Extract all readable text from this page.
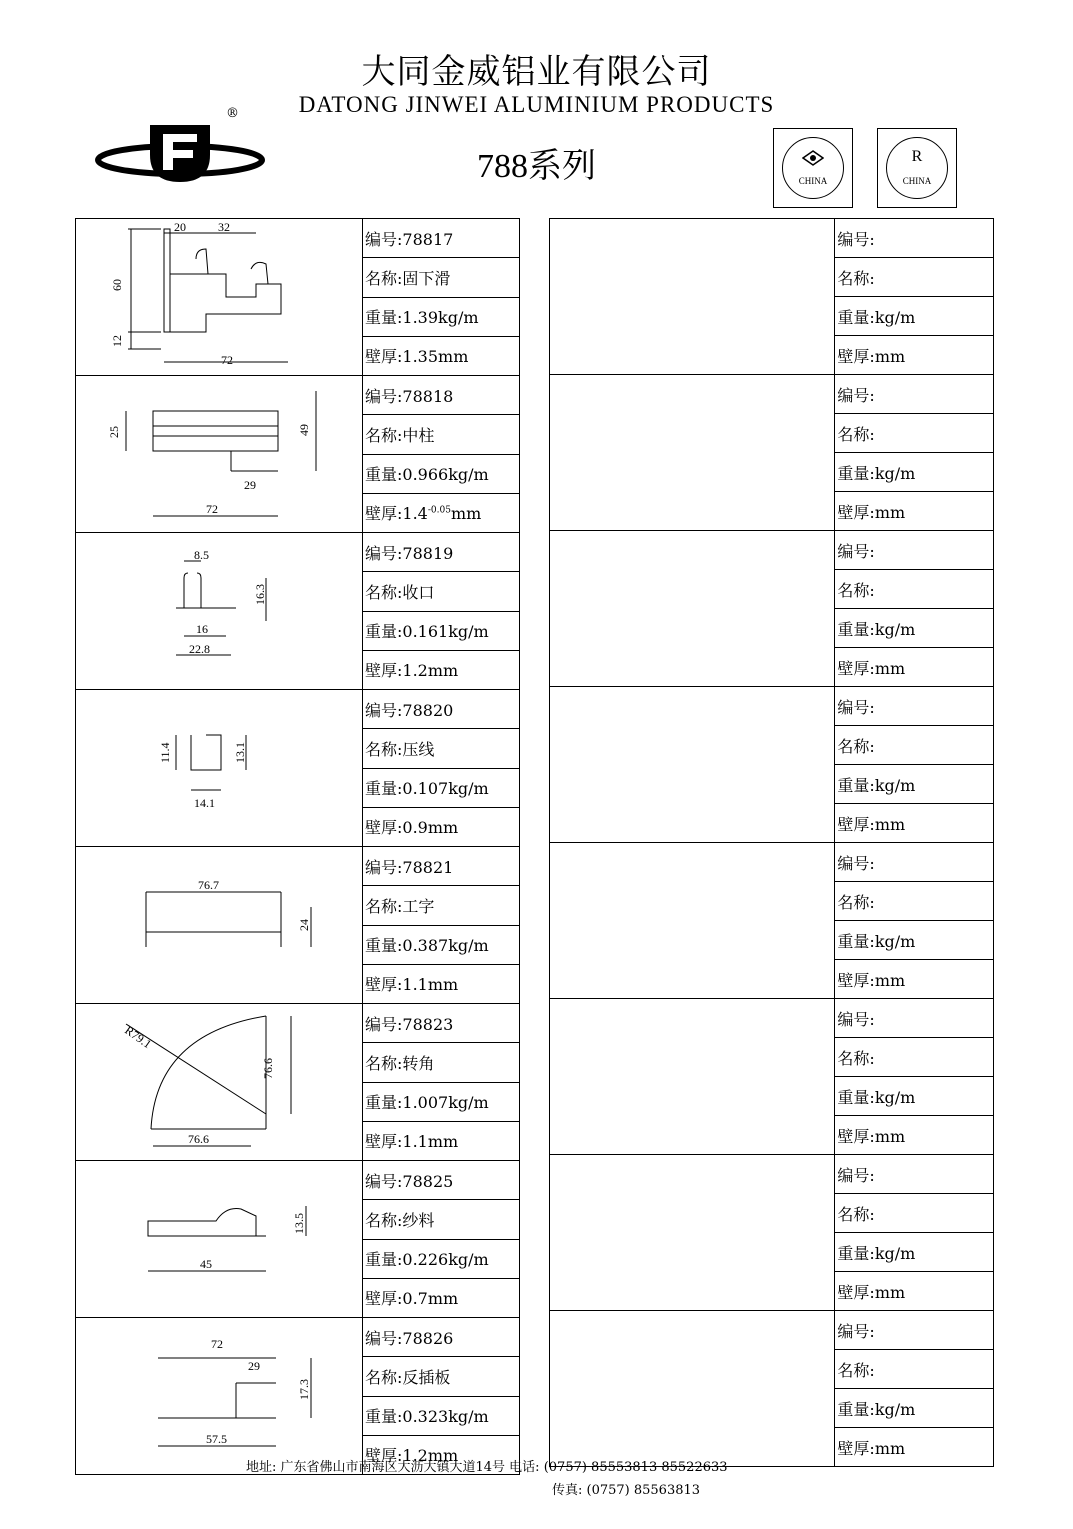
大同金威铝业有限公司
DATONG JINWEI ALUMINIUM PRODUCTS
788系列
®
CHINA
R
CHINA
20 32
60
12
72	编号:78817
	名称:固下滑
	重量:1.39kg/m
	壁厚:1.35mm

25 49
29
72	编号:78818
	名称:中柱
	重量:0.966kg/m
	壁厚$:1.4^{-0.05}mm$

8.5
16.3
16
22.8	编号:78819
	名称:收口
	重量:0.161kg/m
	壁厚:1.2mm

11.4 13.1
14.1	编号:78820
	名称:压线
	重量:0.107kg/m
	壁厚:0.9mm

76.7
24	编号:78821
	名称:工字
	重量:0.387kg/m
	壁厚:1.1mm

R79.1
76.6
76.6	编号:78823
	名称:转角
	重量:1.007kg/m
	壁厚:1.1mm

13.5
45	编号:78825
	名称:纱料
	重量:0.226kg/m
	壁厚:0.7mm

72
29
17.3
57.5	编号:78826
	名称:反插板
	重量:0.323kg/m
	壁厚:1.2mm
	编号:
	名称:
	重量:kg/m
	壁厚:mm
	编号:
	名称:
	重量:kg/m
	壁厚:mm
	编号:
	名称:
	重量:kg/m
	壁厚:mm
	编号:
	名称:
	重量:kg/m
	壁厚:mm
	编号:
	名称:
	重量:kg/m
	壁厚:mm
	编号:
	名称:
	重量:kg/m
	壁厚:mm
	编号:
	名称:
	重量:kg/m
	壁厚:mm
	编号:
	名称:
	重量:kg/m
	壁厚:mm
地址: 广东省佛山市南海区大沥大镇大道14号 电话: (0757) 85553813 85522633
传真: (0757) 85563813
